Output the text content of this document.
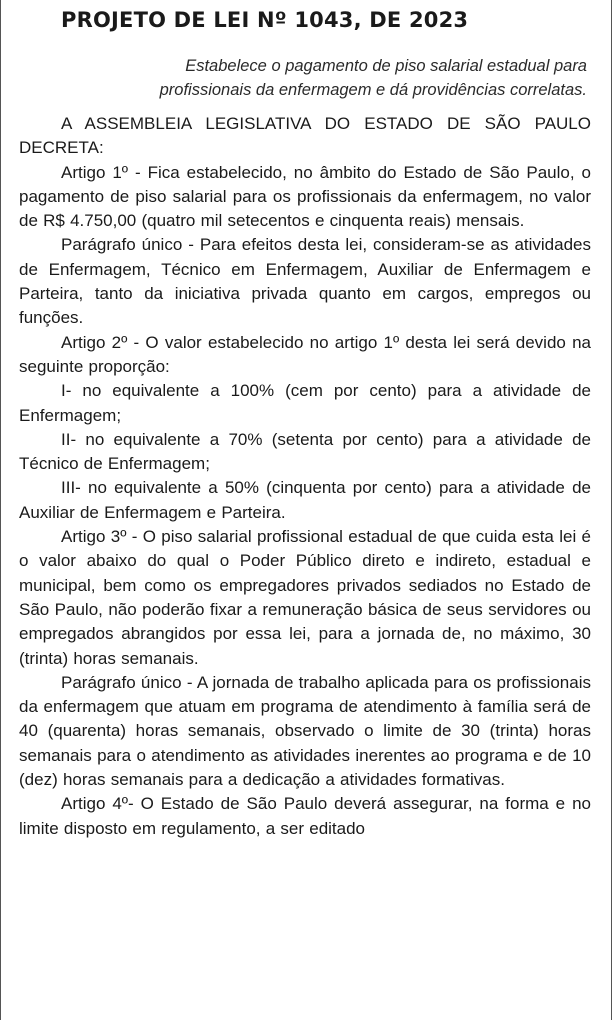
PROJETO DE LEI Nº 1043, DE 2023
Estabelece o pagamento de piso salarial estadual para
profissionais da enfermagem e dá providências correlatas.

A ASSEMBLEIA LEGISLATIVA DO ESTADO DE SÃO PAULO DECRETA:

Artigo 1º - Fica estabelecido, no âmbito do Estado de São Paulo, o pagamento de piso salarial para os profissionais da enfermagem, no valor de R$ 4.750,00 (quatro mil setecentos e cinquenta reais) mensais.

Parágrafo único - Para efeitos desta lei, consideram-se as atividades de Enfermagem, Técnico em Enfermagem, Auxiliar de Enfermagem e Parteira, tanto da iniciativa privada quanto em cargos, empregos ou funções.

Artigo 2º - O valor estabelecido no artigo 1º desta lei será devido na seguinte proporção:

I- no equivalente a 100% (cem por cento) para a atividade de Enfermagem;

II- no equivalente a 70% (setenta por cento) para a atividade de Técnico de Enfermagem;

III- no equivalente a 50% (cinquenta por cento) para a atividade de Auxiliar de Enfermagem e Parteira.

Artigo 3º - O piso salarial profissional estadual de que cuida esta lei é o valor abaixo do qual o Poder Público direto e indireto, estadual e municipal, bem como os empregadores privados sediados no Estado de São Paulo, não poderão fixar a remuneração básica de seus servidores ou empregados abrangidos por essa lei, para a jornada de, no máximo, 30 (trinta) horas semanais.

Parágrafo único - A jornada de trabalho aplicada para os profissionais da enfermagem que atuam em programa de atendimento à família será de 40 (quarenta) horas semanais, observado o limite de 30 (trinta) horas semanais para o atendimento as atividades inerentes ao programa e de 10 (dez) horas semanais para a dedicação a atividades formativas.

Artigo 4º- O Estado de São Paulo deverá assegurar, na forma e no limite disposto em regulamento, a ser editado
